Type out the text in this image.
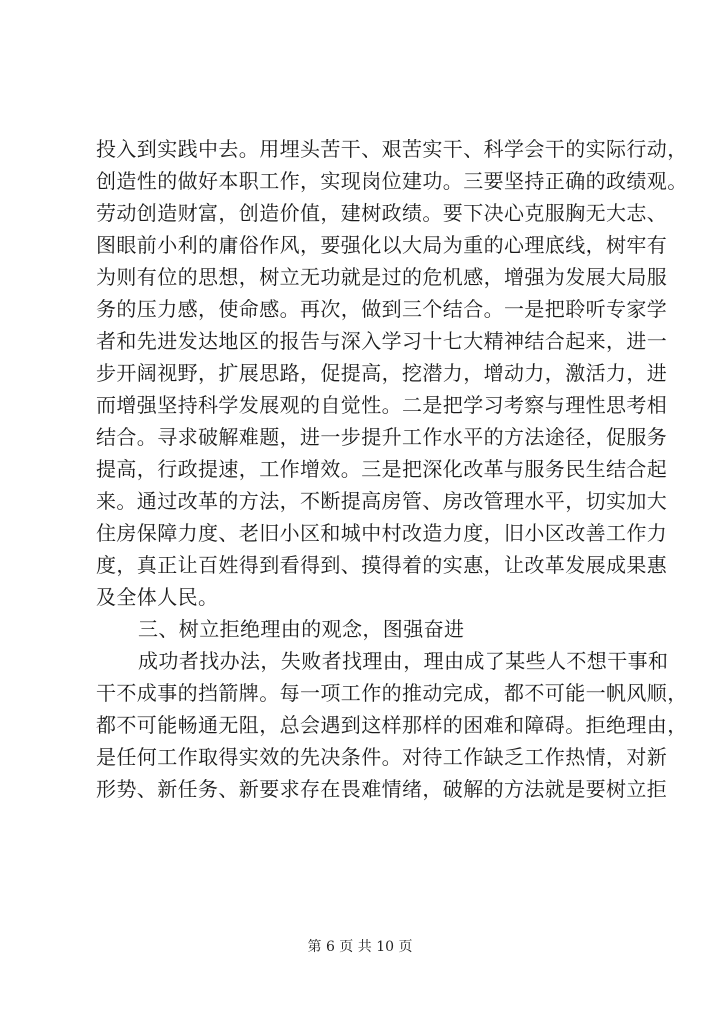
投入到实践中去。用埋头苦干、艰苦实干、科学会干的实际行动，
创造性的做好本职工作，实现岗位建功。三要坚持正确的政绩观。
劳动创造财富，创造价值，建树政绩。要下决心克服胸无大志、
图眼前小利的庸俗作风，要强化以大局为重的心理底线，树牢有
为则有位的思想，树立无功就是过的危机感，增强为发展大局服
务的压力感，使命感。再次，做到三个结合。一是把聆听专家学
者和先进发达地区的报告与深入学习十七大精神结合起来，进一
步开阔视野，扩展思路，促提高，挖潜力，增动力，激活力，进
而增强坚持科学发展观的自觉性。二是把学习考察与理性思考相
结合。寻求破解难题，进一步提升工作水平的方法途径，促服务
提高，行政提速，工作增效。三是把深化改革与服务民生结合起
来。通过改革的方法，不断提高房管、房改管理水平，切实加大
住房保障力度、老旧小区和城中村改造力度，旧小区改善工作力
度，真正让百姓得到看得到、摸得着的实惠，让改革发展成果惠
及全体人民。
三、树立拒绝理由的观念，图强奋进
成功者找办法，失败者找理由，理由成了某些人不想干事和
干不成事的挡箭牌。每一项工作的推动完成，都不可能一帆风顺，
都不可能畅通无阻，总会遇到这样那样的困难和障碍。拒绝理由，
是任何工作取得实效的先决条件。对待工作缺乏工作热情，对新
形势、新任务、新要求存在畏难情绪，破解的方法就是要树立拒
第 6 页 共 10 页
